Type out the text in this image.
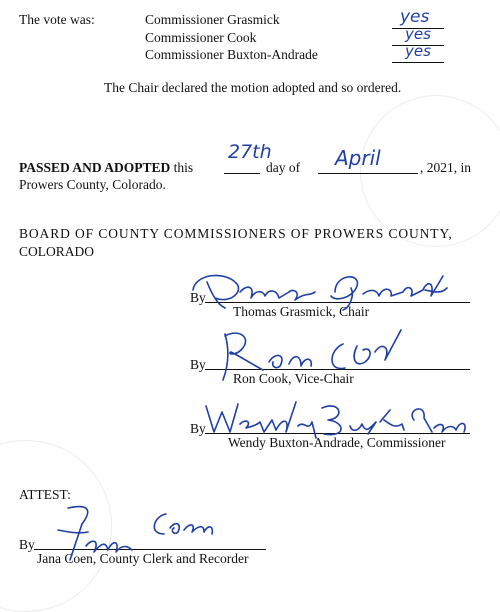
The vote was:	Commissioner Grasmick
Commissioner Cook
Commissioner Buxton-Andrade
yes
yes
yes
The Chair declared the motion adopted and so ordered.
PASSED AND ADOPTED this
27th
day of April	, 2021, in
Prowers County, Colorado.
BOARD OF COUNTY COMMISSIONERS OF PROWERS COUNTY,
COLORADO
By
Thomas Grasmick, Chair
By
Ron Cook, Vice-Chair
By
Wendy Buxton-Andrade, Commissioner
ATTEST:
By
Jana Coen, County Clerk and Recorder
